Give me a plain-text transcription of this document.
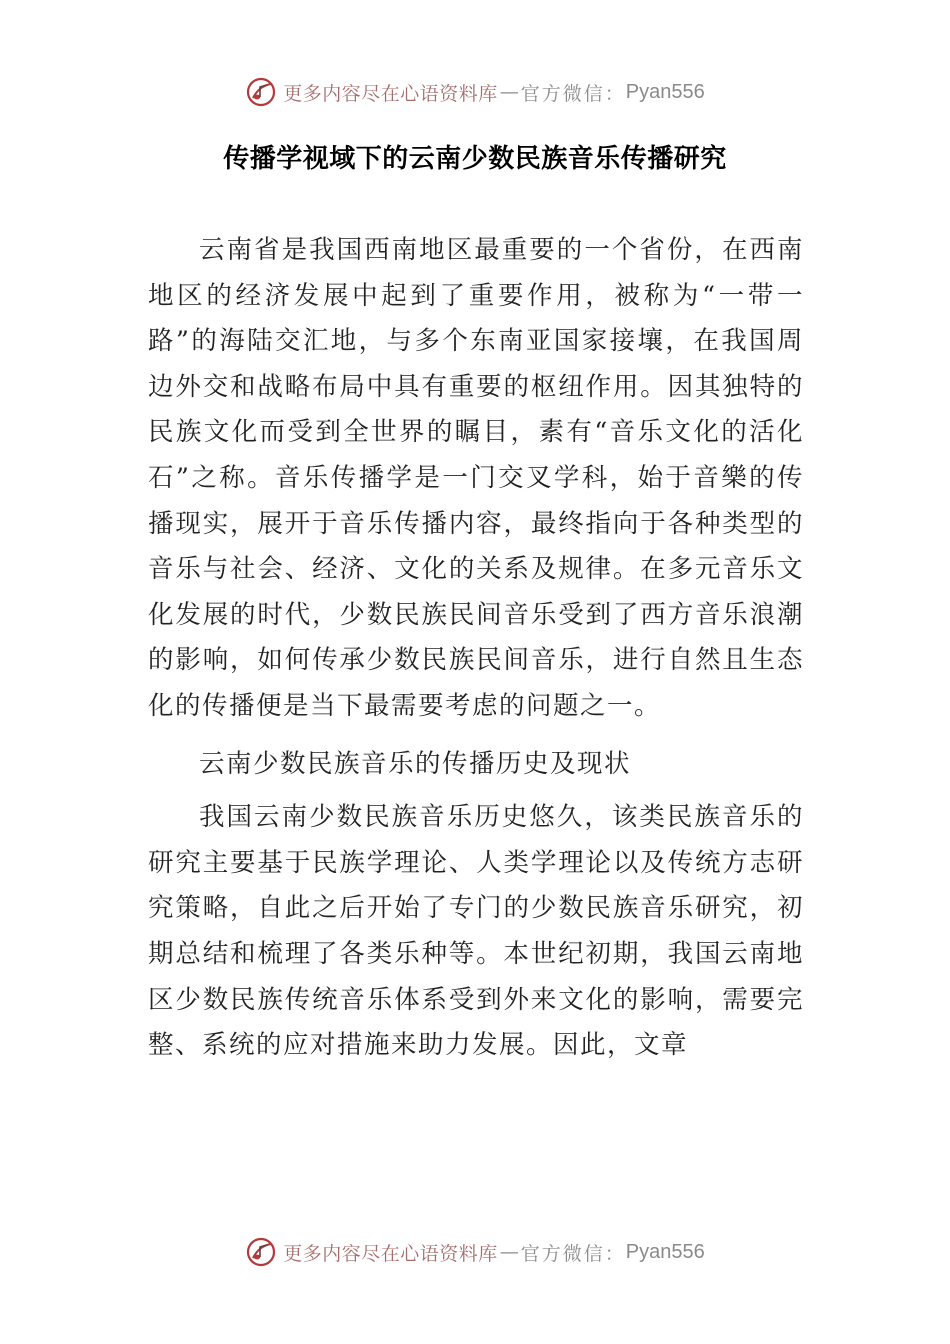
更多内容尽在心语资料库 — 官方微信： Pyan556
传播学视域下的云南少数民族音乐传播研究

云南省是我国西南地区最重要的一个省份，在西南地区的经济发展中起到了重要作用，被称为“一带一路”的海陆交汇地，与多个东南亚国家接壤，在我国周边外交和战略布局中具有重要的枢纽作用。因其独特的民族文化而受到全世界的瞩目，素有“音乐文化的活化石”之称。音乐传播学是一门交叉学科，始于音樂的传播现实，展开于音乐传播内容，最终指向于各种类型的音乐与社会、经济、文化的关系及规律。在多元音乐文化发展的时代，少数民族民间音乐受到了西方音乐浪潮的影响，如何传承少数民族民间音乐，进行自然且生态化的传播便是当下最需要考虑的问题之一。

云南少数民族音乐的传播历史及现状

我国云南少数民族音乐历史悠久，该类民族音乐的研究主要基于民族学理论、人类学理论以及传统方志研究策略，自此之后开始了专门的少数民族音乐研究，初期总结和梳理了各类乐种等。本世纪初期，我国云南地区少数民族传统音乐体系受到外来文化的影响，需要完整、系统的应对措施来助力发展。因此，文章

更多内容尽在心语资料库 — 官方微信： Pyan556
